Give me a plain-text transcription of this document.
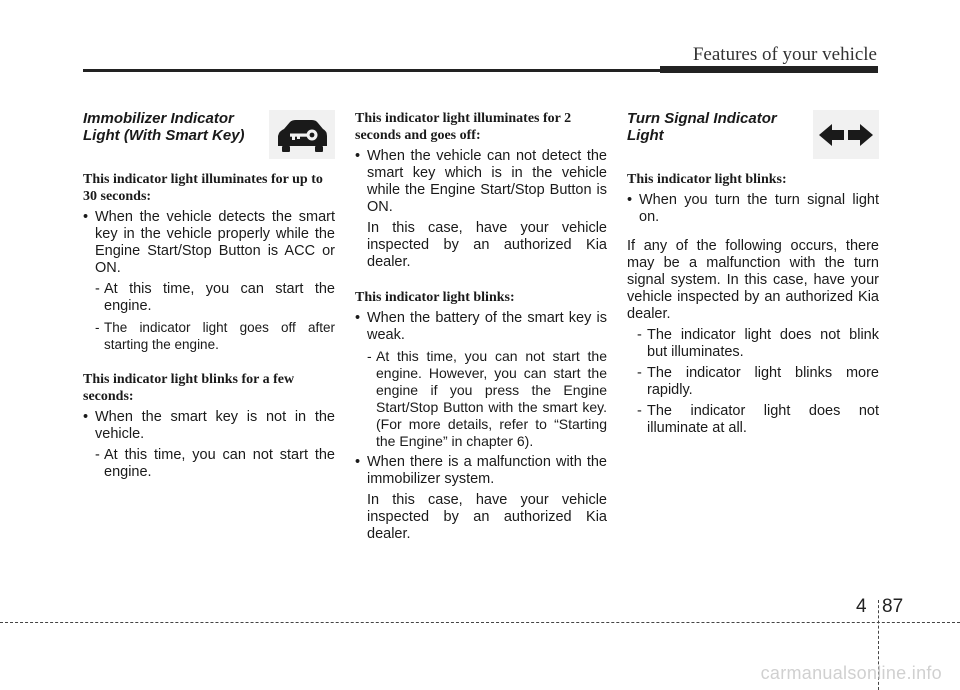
Features of your vehicle
Immobilizer Indicator
Light (With Smart Key)
This indicator light illuminates for up to 30 seconds:
• When the vehicle detects the smart key in the vehicle properly while the Engine Start/Stop Button is ACC or ON.
- At this time, you can start the engine.
- The indicator light goes off after starting the engine.
This indicator light blinks for a few seconds:
• When the smart key is not in the vehicle.
- At this time, you can not start the engine.
This indicator light illuminates for 2 seconds and goes off:
• When the vehicle can not detect the smart key which is in the vehicle while the Engine Start/Stop Button is ON.
In this case, have your vehicle inspected by an authorized Kia dealer.
This indicator light blinks:
• When the battery of the smart key is weak.
- At this time, you can not start the engine. However, you can start the engine if you press the Engine Start/Stop Button with the smart key. (For more details, refer to “Starting the Engine” in chapter 6).
• When there is a malfunction with the immobilizer system.
In this case, have your vehicle inspected by an authorized Kia dealer.
Turn Signal Indicator
Light
This indicator light blinks:
• When you turn the turn signal light on.
If any of the following occurs, there may be a malfunction with the turn signal system. In this case, have your vehicle inspected by an authorized Kia dealer.
- The indicator light does not blink but illuminates.
- The indicator light blinks more rapidly.
- The indicator light does not illuminate at all.
4 87
carmanualsonline.info
